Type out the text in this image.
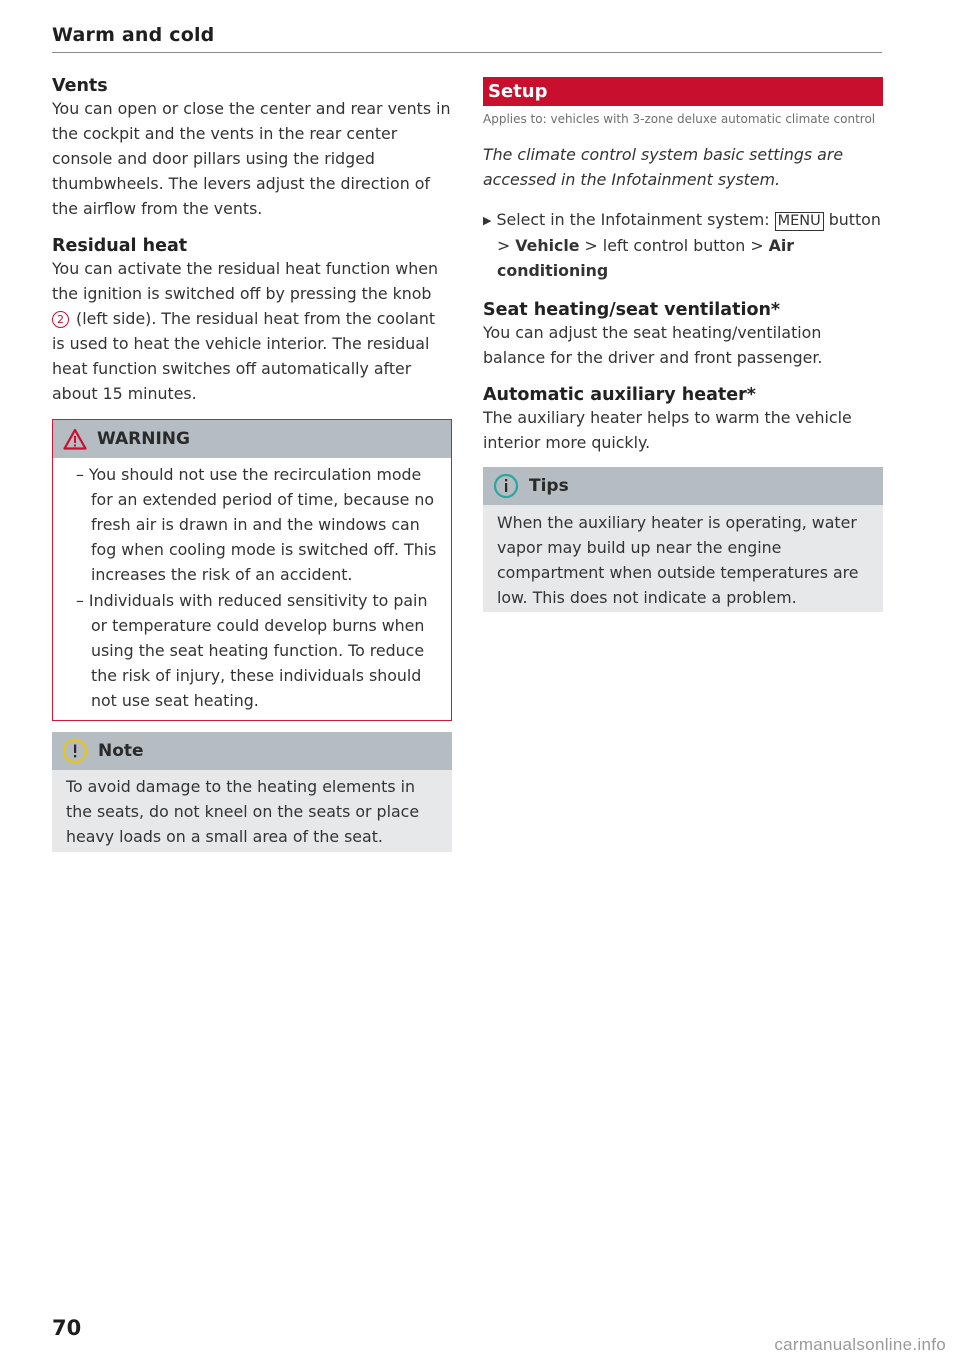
Warm and cold
Vents

You can open or close the center and rear vents in the cockpit and the vents in the rear center console and door pillars using the ridged thumbwheels. The levers adjust the direction of the airflow from the vents.

Residual heat

You can activate the residual heat function when the ignition is switched off by pressing the knob
2 (left side). The residual heat from the coolant is used to heat the vehicle interior. The residual heat function switches off automatically after about 15 minutes.

WARNING

– You should not use the recirculation mode for an extended period of time, because no fresh air is drawn in and the windows can fog when cooling mode is switched off. This increases the risk of an accident.

– Individuals with reduced sensitivity to pain or temperature could develop burns when using the seat heating function. To reduce the risk of injury, these individuals should not use seat heating.

Note

To avoid damage to the heating elements in the seats, do not kneel on the seats or place heavy loads on a small area of the seat.

Setup
Applies to: vehicles with 3-zone deluxe automatic climate control
The climate control system basic settings are accessed in the Infotainment system.
▶ Select in the Infotainment system: MENU button > Vehicle > left control button > Air conditioning
Seat heating/seat ventilation*

You can adjust the seat heating/ventilation balance for the driver and front passenger.

Automatic auxiliary heater*

The auxiliary heater helps to warm the vehicle interior more quickly.

Tips

When the auxiliary heater is operating, water vapor may build up near the engine compartment when outside temperatures are low. This does not indicate a problem.

70
carmanualsonline.info
